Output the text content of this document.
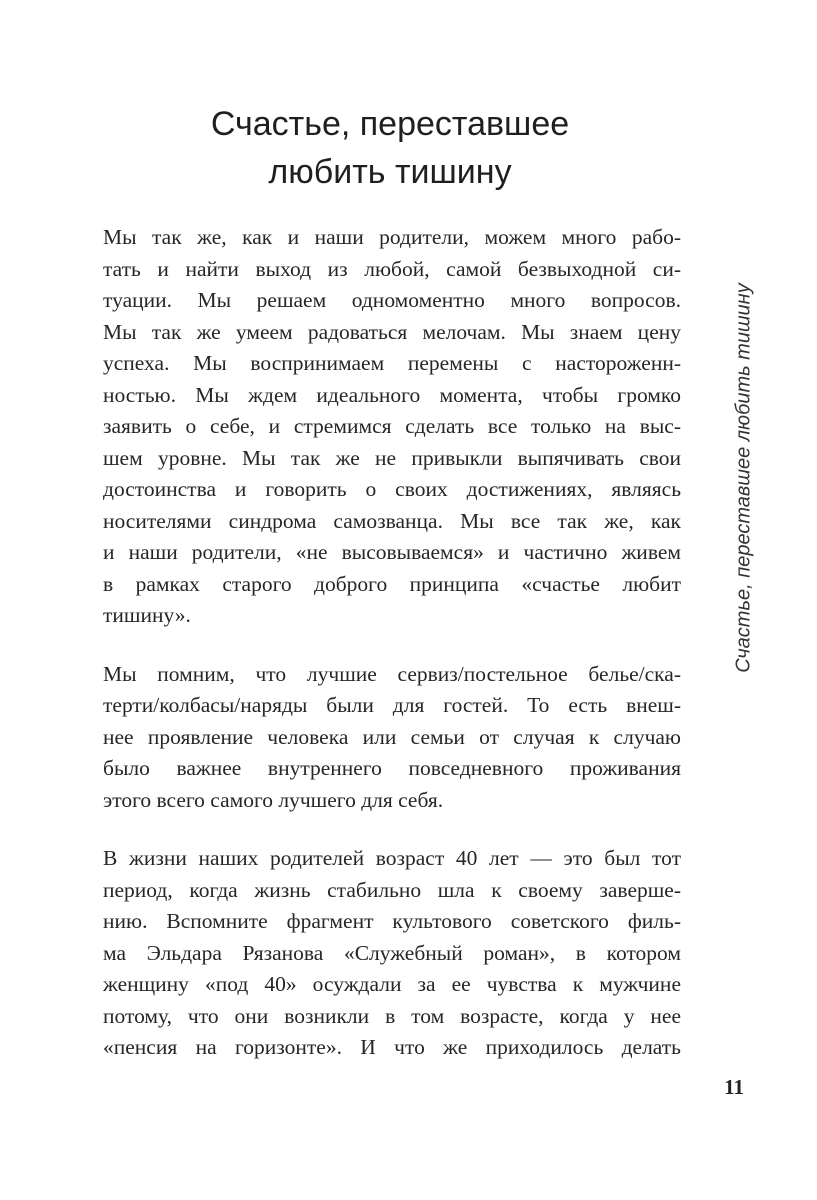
Счастье, переставшее
любить тишину
Счастье, переставшее любить тишину
Мы так же, как и наши родители, можем много рабо-
тать и найти выход из любой, самой безвыходной си-
туации. Мы решаем одномоментно много вопросов.
Мы так же умеем радоваться мелочам. Мы знаем цену
успеха. Мы воспринимаем перемены с настороженн-
ностью. Мы ждем идеального момента, чтобы громко
заявить о себе, и стремимся сделать все только на выс-
шем уровне. Мы так же не привыкли выпячивать свои
достоинства и говорить о своих достижениях, являясь
носителями синдрома самозванца. Мы все так же, как
и наши родители, «не высовываемся» и частично живем
в рамках старого доброго принципа «счастье любит
тишину».
Мы помним, что лучшие сервиз/постельное белье/ска-
терти/колбасы/наряды были для гостей. То есть внеш-
нее проявление человека или семьи от случая к случаю
было важнее внутреннего повседневного проживания
этого всего самого лучшего для себя.
В жизни наших родителей возраст 40 лет — это был тот
период, когда жизнь стабильно шла к своему заверше-
нию. Вспомните фрагмент культового советского филь-
ма Эльдара Рязанова «Служебный роман», в котором
женщину «под 40» осуждали за ее чувства к мужчине
потому, что они возникли в том возрасте, когда у нее
«пенсия на горизонте». И что же приходилось делать
11
